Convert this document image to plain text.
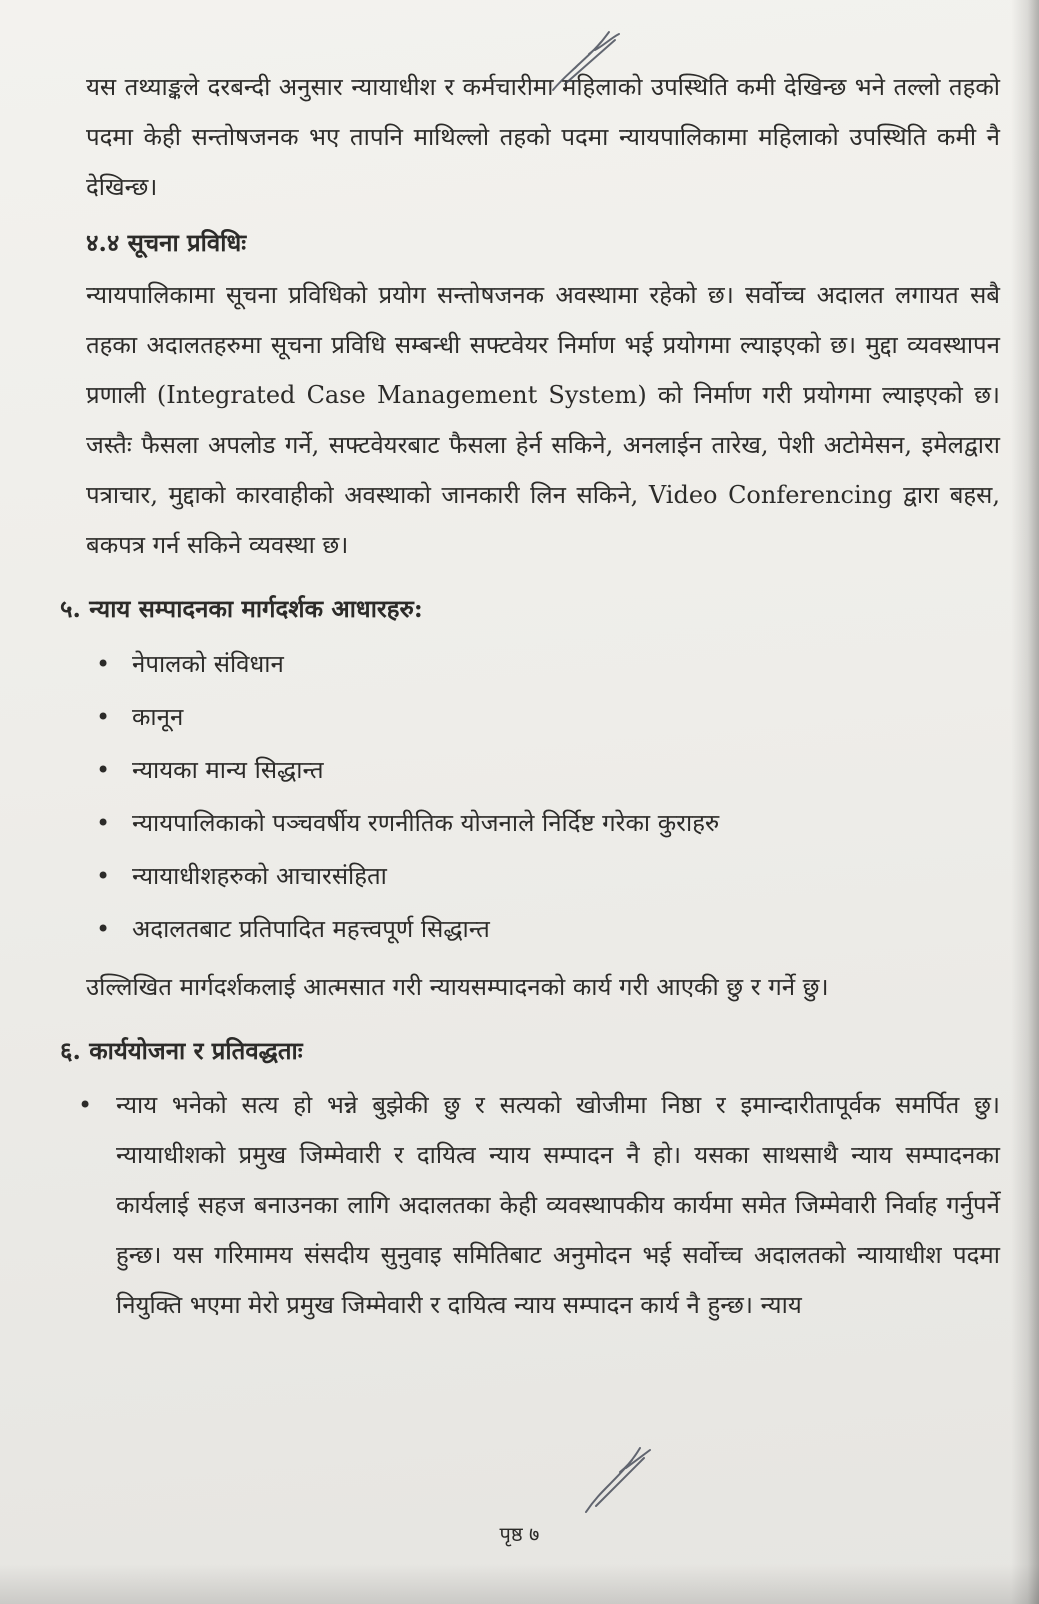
यस तथ्याङ्कले दरबन्दी अनुसार न्यायाधीश र कर्मचारीमा महिलाको उपस्थिति कमी देखिन्छ भने तल्लो तहको पदमा केही सन्तोषजनक भए तापनि माथिल्लो तहको पदमा न्यायपालिकामा महिलाको उपस्थिति कमी नै देखिन्छ।

४.४ सूचना प्रविधिः

न्यायपालिकामा सूचना प्रविधिको प्रयोग सन्तोषजनक अवस्थामा रहेको छ। सर्वोच्च अदालत लगायत सबै तहका अदालतहरुमा सूचना प्रविधि सम्बन्धी सफ्टवेयर निर्माण भई प्रयोगमा ल्याइएको छ। मुद्दा व्यवस्थापन प्रणाली (Integrated Case Management System) को निर्माण गरी प्रयोगमा ल्याइएको छ। जस्तैः फैसला अपलोड गर्ने, सफ्टवेयरबाट फैसला हेर्न सकिने, अनलाईन तारेख, पेशी अटोमेसन, इमेलद्वारा पत्राचार, मुद्दाको कारवाहीको अवस्थाको जानकारी लिन सकिने, Video Conferencing द्वारा बहस, बकपत्र गर्न सकिने व्यवस्था छ।

५. न्याय सम्पादनका मार्गदर्शक आधारहरु:
• नेपालको संविधान
• कानून
• न्यायका मान्य सिद्धान्त
• न्यायपालिकाको पञ्चवर्षीय रणनीतिक योजनाले निर्दिष्ट गरेका कुराहरु
• न्यायाधीशहरुको आचारसंहिता
• अदालतबाट प्रतिपादित महत्त्वपूर्ण सिद्धान्त

उल्लिखित मार्गदर्शकलाई आत्मसात गरी न्यायसम्पादनको कार्य गरी आएकी छु र गर्ने छु।

६. कार्ययोजना र प्रतिवद्धताः
• न्याय भनेको सत्य हो भन्ने बुझेकी छु र सत्यको खोजीमा निष्ठा र इमान्दारीतापूर्वक समर्पित छु। न्यायाधीशको प्रमुख जिम्मेवारी र दायित्व न्याय सम्पादन नै हो। यसका साथसाथै न्याय सम्पादनका कार्यलाई सहज बनाउनका लागि अदालतका केही व्यवस्थापकीय कार्यमा समेत जिम्मेवारी निर्वाह गर्नुपर्ने हुन्छ। यस गरिमामय संसदीय सुनुवाइ समितिबाट अनुमोदन भई सर्वोच्च अदालतको न्यायाधीश पदमा नियुक्ति भएमा मेरो प्रमुख जिम्मेवारी र दायित्व न्याय सम्पादन कार्य नै हुन्छ। न्याय

पृष्ठ ७
